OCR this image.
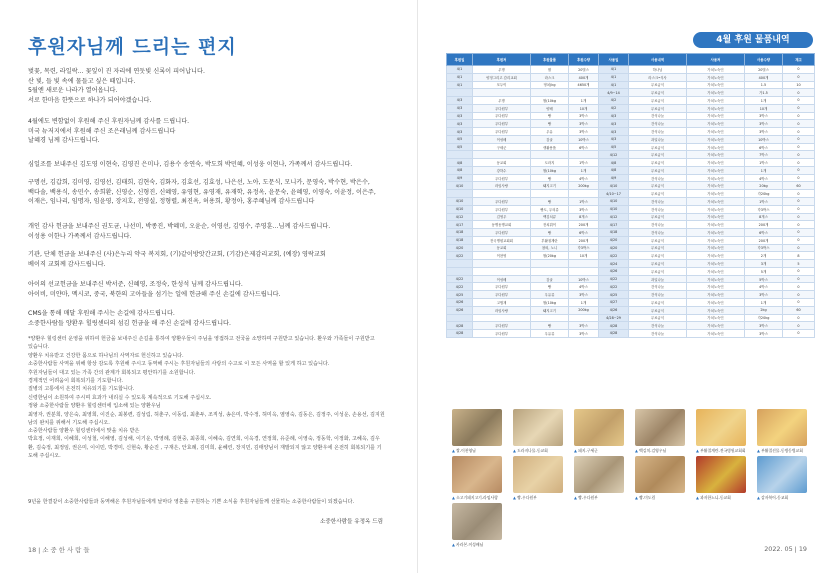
후원자님께 드리는 편지

벚꽃, 목련, 라일락... 꽃잎이 진 자리에 연둣빛 신록이 피어납니다.

산 빛, 들 빛 속에 물들고 싶은 때입니다.

5월엔 새로운 나라가 열어옵니다.

서로 한마음 한뜻으로 하나가 되어야겠습니다.

4월에도 변함없이 후원해 주신 후원자님께 감사를 드립니다.

미국 뉴저지에서 후원해 주신 조은래님께 감사드립니다

날혜경 님께 감사드립니다.

심일조를 보내주신 김도영 이현숙, 김영진 은미나, 김용수 송연숙, 박도희 박민혜, 이성웅 이현나, 가족께서 감사드립니다.

구명선, 김갑희, 김미영, 김영선, 김태희, 김현숙, 김화자, 김효선, 김효성, 나은선, 노아, 도문식, 모니카, 문영숙, 박수현, 박은수,

백다솔, 백용식, 송민수, 송희환, 신영순, 신형진, 신혜영, 유영현, 유영재, 유재학, 유정옥, 윤문숙, 윤혜영, 이영숙, 이윤정, 이은주,

이재은, 임나리, 임명자, 임윤영, 장지호, 전영실, 정형렬, 최진옥, 허용희, 황정아, 홍주혜님께 감사드립니다

개인 감사 헌금을 보내주신 권도균, 나선미, 박종진, 박혜미, 오윤순, 이영선, 김영수, 주영훈...님께 감사드립니다.

이성용 이한나 가족께서 감사드립니다.

기관, 단체 헌금을 보내주신 (사)은누리 약국 복지회, (기)같이방앗간교회, (기감)은제감리교회, (예장) 영락교회

베이직 교회께 감사드립니다.

아이의 선교헌금을 보내주신 박서준, 신혜영, 조정숙, 한성석 님께 감사드립니다.

아이비, 미얀마, 멕시코, 중국, 북한의 고아들을 섬기는 일에 헌금해 주신 손길에 감사드립니다.

CMS을 통해 매달 후원해 주시는 손길에 감사드립니다.

소중한사람들 양환우 힐링센터의 섬김 헌금을 해 주신 손길에 감사드립니다.

*양환우 힐링센터 운영을 위하여 헌금을 보내주신 손길을 통하여 양환우들이 주님을 영접하고 전국을 소망하며 구원받고 있습니다. 환우와 가족들이 구원받고

있습니다.

양환우 치유받고 건강한 몸으로 하나님의 사역자로 헌신하고 있습니다.

소중한사람들 사역을 위해 항상 감도록 후원해 주시고 동역해 주시는 후원자님들의 사랑의 수고로 이 모든 사역을 할 있게 하고 있습니다.

후원자님들이 대고 있는 가족 간의 관계가 회복되고 평안하기를 소원합니다.

경제적인 어려움이 회복되기를 기도합니다.

질병의 고통에서 온전히 치유되기를 기도합니다.

신령한님이 소원하여 주시며 효과가 내리실 수 있도록 계속적으로 기도해 주십시오.

정왕 소중한사람들 양환우 힐링센터에 입소해 있는 양환우님

최영자, 권분희, 양은숙, 최영희, 이진순, 최봉련, 김성림, 허춘구, 이동림, 최춘두, 조직성, 송은미, 박수정, 허미옥, 염영숙, 김동은, 김정주, 이성운, 손용선, 김지원

남의 완치를 위해서 기도해 주십시오.

소중한사람들 양환우 힐링센터에서 맞을 치유 받은

박효정, 이재희, 이혜희, 이성철, 이해영, 김성해, 이기운, 박영례, 김현중, 최종희, 이혜숙, 김연희, 이옥경, 연정희, 유준례, 이영숙, 정동학, 이정화, 고혜옥, 김우

환, 김숙정, 최정임, 권은미, 이이민, 박경미, 신현숙, 황순진 , 구재은, 안효례, 김미희, 윤혜린, 장지민, 김태양님이 재발되지 않고 양환우에 온전히 회복되기를 기

도해 주십시오.

9년을 한결같이 소중한사람들과 동역해온 후원자님들에게 날마다 영혼을 구원하는 기쁜 소식을 후원자님들께 선물하는 소중한사람들이 되겠습니다.

소중한사람들 유정옥 드림
18 | 소 중 한 사 람 들
4월 후원 물품내역
후원일	후원처	후원물품	후원수량	사용일	사용내역	사용처	사용수량	재고
4/1	무명	쌀	20벌스	4/1	하나님	가치노숙인	20벌스	0
4/1	양정그리고 감리교회	라스크	400개	4/1	라스크•식사	가치노숙인	400개	0
4/1	모두이	멍치(kg	4650개	4/1	무료급식	가치노숙인	1.5	10
				4/9~14	무료급식	가치노숙인	가1.5	0
4/3	무명	쌀(10kg	1개	4/2	무료급식	가치노숙인	1개	0
4/3	우다원부	양배	10개	4/2	무료급식	가치노숙인	10개	0
4/3	우다원부	빵	3박스	4/3	간식나눔	가치노숙인	3박스	0
4/3	우다원부	빵	3박스	4/3	간식나눔	가치노숙인	3박스	0
4/3	우다원부	우유	3박스	4/3	간식나눔	가치노숙인	3박스	0
4/5	이성배	감귤	10박스	4/3	과일나눔	가치노숙인	10박스	0
4/5	구세군	생활용품	6박스	4/5	무료급식	가치노숙인	6박스	0
				4/12	무료급식	가치노숙인	7박스	0
4/8	동교회	도라지	1박스	4/8	무료급식	가치노숙인	1박스	0
4/8	강하수	쌀(10kg	1개	4/8	무료급식	가치노숙인	1개	0
4/9	우다원부	빵	4박스	4/9	간식나눔	가치노숙인	4박스	0
4/10	라임사랑	돼지고기	200kg	4/10	무료급식	가치노숙인	20kg	60
				4/10~17	무료급식	가치노숙인	각20kg	0
4/10	우다원부	빵	1박스	4/10	간식나눔	가치노숙인	1박스	0
4/10	우다원부	빵도, 우의류	3박스	4/10	간식나눔	가치노숙인	각3박스	0
4/12	김영우	백김치류	8개스	4/12	무료급식	가치노숙인	8개스	0
4/17	동병동병교회	전치뤄이	200개	4/17	간식나눔	가치노숙인	200개	0
4/18	우다원부	빵	6박스	4/18	간식나눔	가치노숙인	6박스	0
4/18	전국병원교회회	부활절계란	200개	4/20	무료급식	가치노숙인	200개	0
4/20	동교회	참외, 노니	각3박스	4/20	무료급식	가치노숙인	각3박스	0
4/22	이찬영	쌀(20kg	10개	4/22	무료급식	가치노숙인	2개	8
				4/24	무료급식	가치노숙인	3개	5
				4/26	무료급식	가치노숙인	5개	0
4/22	이성배	감귤	10박스	4/22	과일나눔	가치노숙인	5박스	0
4/22	우다원부	빵	4박스	4/22	간식나눔	가치노숙인	4박스	0
4/25	우다원부	우유류	3박스	4/25	간식나눔	가치노숙인	3박스	0
4/26	고범재	쌀(10kg	1개	4/27	무료급식	가치노숙인	1개	0
4/26	라임사랑	돼지고기	200kg	4/26	무료급식	가치노숙인	2kg	60
				4/28~29	무료급식	가치노숙인	각20kg	0
4/28	우다원부	빵	3박스	4/28	간식나눔	가치노숙인	3박스	0
4/28	우다원부	우유류	3박스	4/28	간식나눔	가치노숙인	3박스	0
2022. 05 | 19
▲ 쌀-이찬영님	▲ 도라지나물-동교회	▲ 돼지-구세군	▲ 백김치-김영우님	▲ 부활절계란-전국병원교회회	▲ 부활절선물-동병동병교회
▲ 소고기돼지고기-라임사랑	▲ 빵-우다원부	▲ 빵-우다원부	▲ 빵-미도림	▲ 과자한노니-동교회	▲ 감자북어-동교회
▲ 카라본-이성배님
